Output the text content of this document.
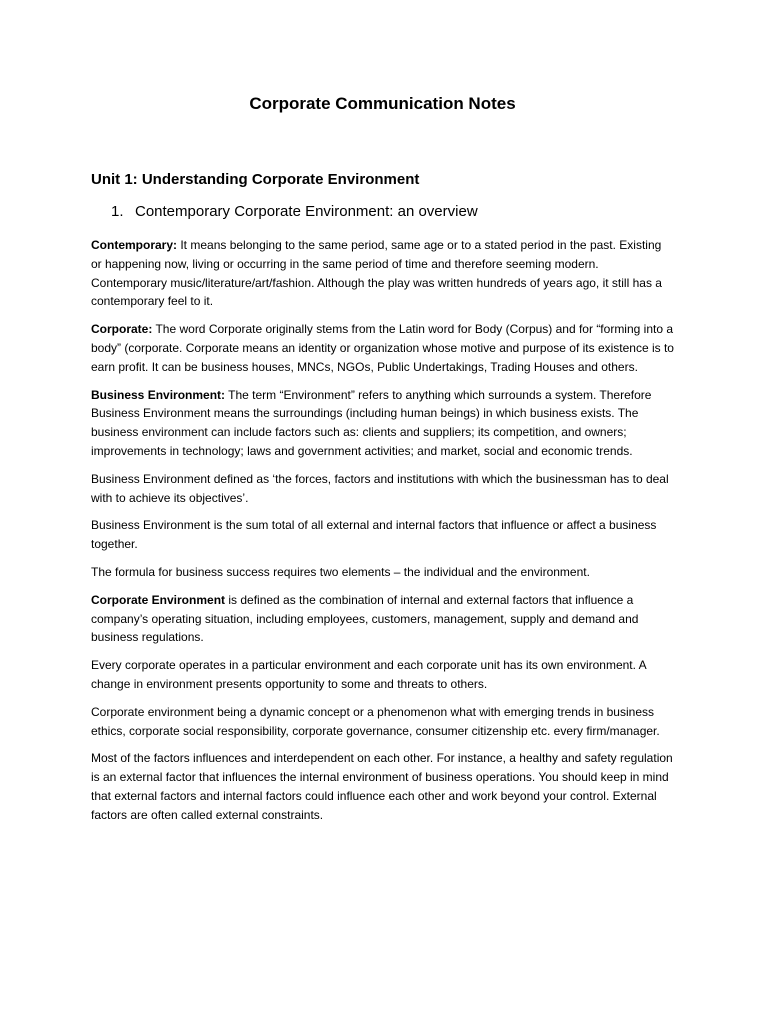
Corporate Communication Notes
Unit 1: Understanding Corporate Environment
1. Contemporary Corporate Environment: an overview

Contemporary: It means belonging to the same period, same age or to a stated period in the past. Existing or happening now, living or occurring in the same period of time and therefore seeming modern. Contemporary music/literature/art/fashion. Although the play was written hundreds of years ago, it still has a contemporary feel to it.

Corporate: The word Corporate originally stems from the Latin word for Body (Corpus) and for “forming into a body” (corporate. Corporate means an identity or organization whose motive and purpose of its existence is to earn profit. It can be business houses, MNCs, NGOs, Public Undertakings, Trading Houses and others.

Business Environment: The term “Environment” refers to anything which surrounds a system. Therefore Business Environment means the surroundings (including human beings) in which business exists. The business environment can include factors such as: clients and suppliers; its competition, and owners; improvements in technology; laws and government activities; and market, social and economic trends.

Business Environment defined as ‘the forces, factors and institutions with which the businessman has to deal with to achieve its objectives’.

Business Environment is the sum total of all external and internal factors that influence or affect a business together.

The formula for business success requires two elements – the individual and the environment.

Corporate Environment is defined as the combination of internal and external factors that influence a company’s operating situation, including employees, customers, management, supply and demand and business regulations.

Every corporate operates in a particular environment and each corporate unit has its own environment. A change in environment presents opportunity to some and threats to others.

Corporate environment being a dynamic concept or a phenomenon what with emerging trends in business ethics, corporate social responsibility, corporate governance, consumer citizenship etc. every firm/manager.

Most of the factors influences and interdependent on each other. For instance, a healthy and safety regulation is an external factor that influences the internal environment of business operations. You should keep in mind that external factors and internal factors could influence each other and work beyond your control. External factors are often called external constraints.
